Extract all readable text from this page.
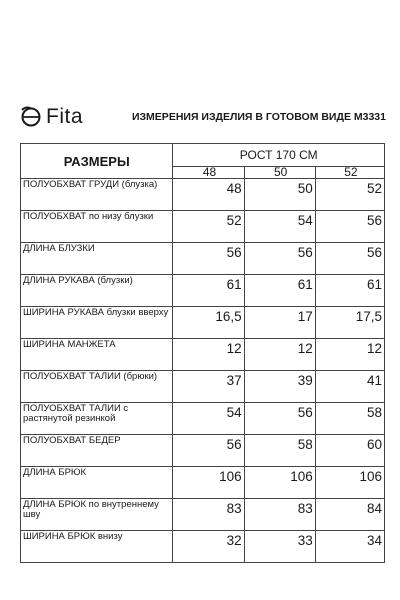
Fita	ИЗМЕРЕНИЯ ИЗДЕЛИЯ В ГОТОВОМ ВИДЕ М3331
РАЗМЕРЫ	РОСТ 170 СМ		
	48	50	52
ПОЛУОБХВАТ ГРУДИ (блузка)	48	50	52
ПОЛУОБХВАТ по низу блузки	52	54	56
ДЛИНА БЛУЗКИ	56	56	56
ДЛИНА РУКАВА (блузки)	61	61	61
ШИРИНА РУКАВА блузки вверху	16,5	17	17,5
ШИРИНА МАНЖЕТА	12	12	12
ПОЛУОБХВАТ ТАЛИИ (брюки)	37	39	41
ПОЛУОБХВАТ ТАЛИИ с растянутой резинкой	54	56	58
ПОЛУОБХВАТ БЕДЕР	56	58	60
ДЛИНА БРЮК	106	106	106
ДЛИНА БРЮК по внутреннему шву	83	83	84
ШИРИНА БРЮК внизу	32	33	34
